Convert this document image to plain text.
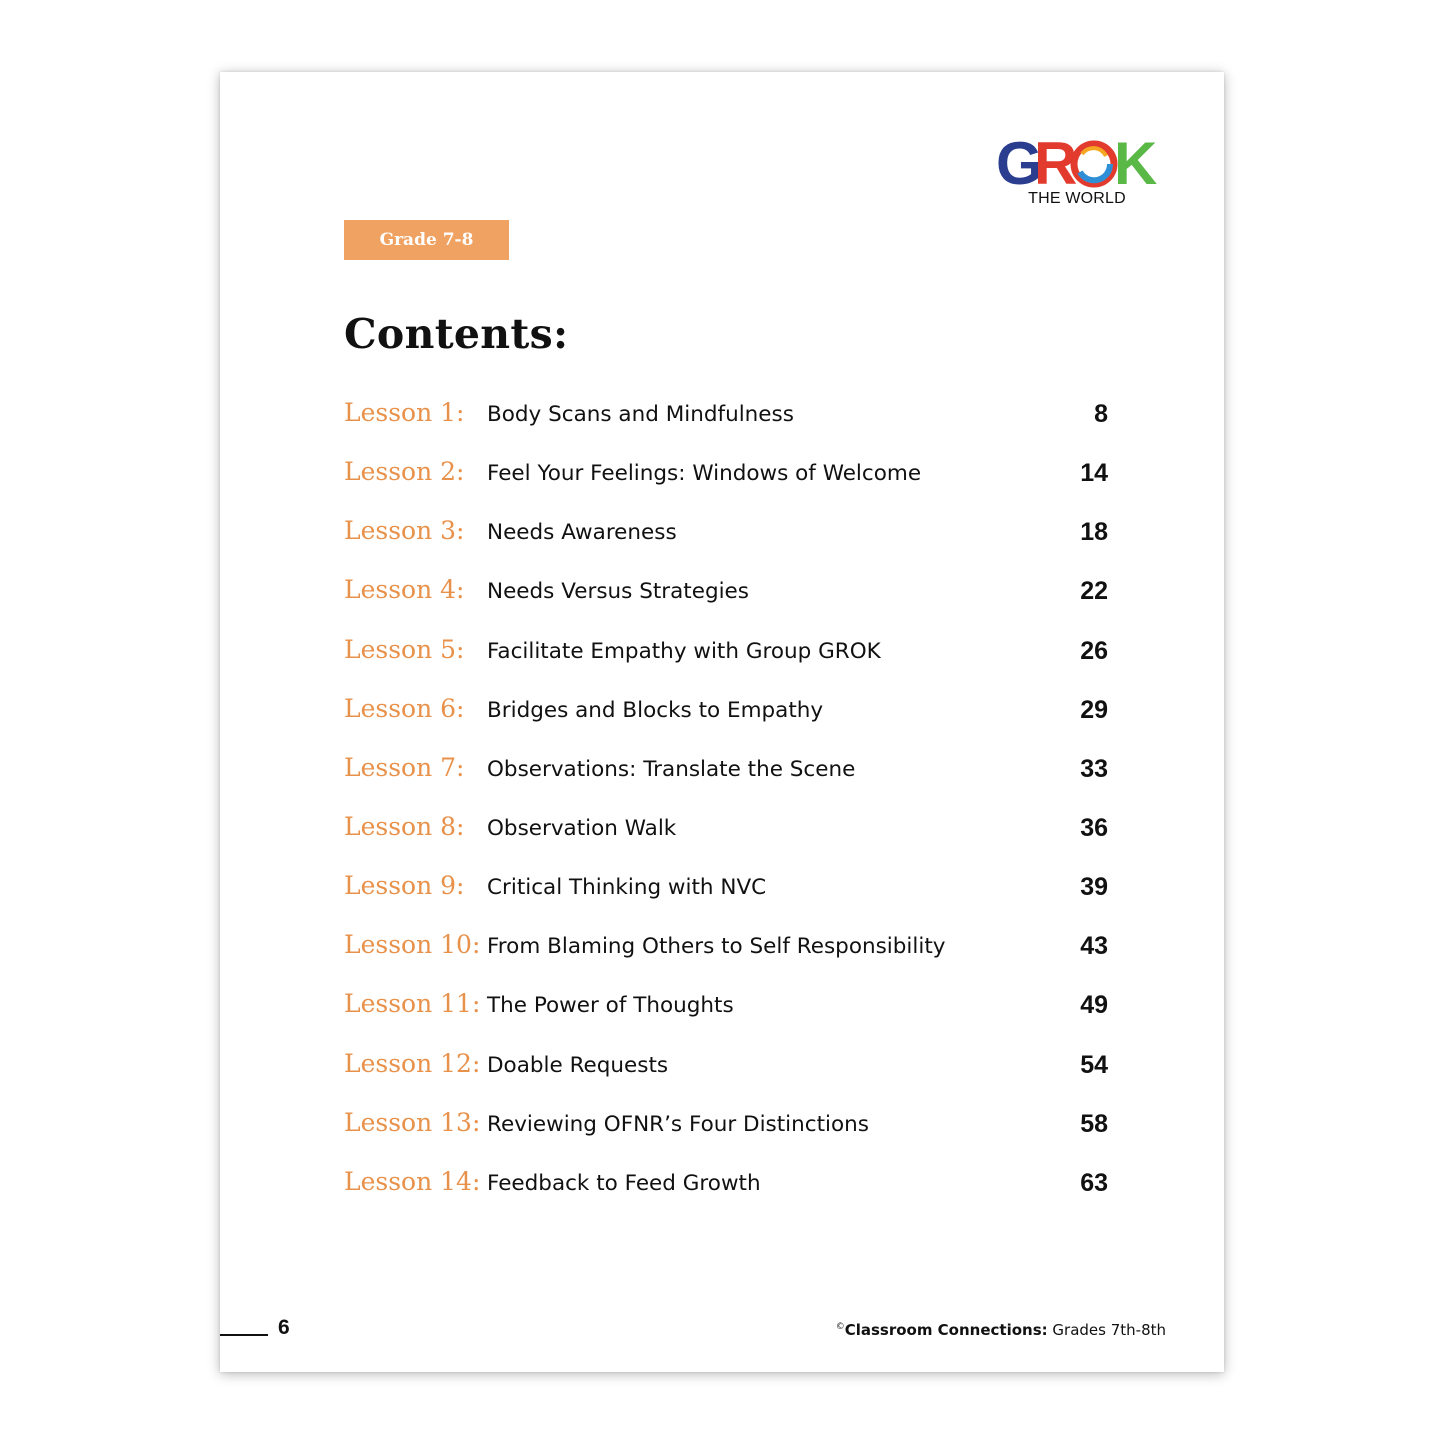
G
R K
THE WORLD
Grade 7-8
Contents:
Lesson 1: Body Scans and Mindfulness	8
Lesson 2: Feel Your Feelings: Windows of Welcome	14
Lesson 3: Needs Awareness	18
Lesson 4: Needs Versus Strategies	22
Lesson 5: Facilitate Empathy with Group GROK	26
Lesson 6: Bridges and Blocks to Empathy	29
Lesson 7: Observations: Translate the Scene	33
Lesson 8: Observation Walk	36
Lesson 9: Critical Thinking with NVC	39
Lesson 10: From Blaming Others to Self Responsibility	43
Lesson 11: The Power of Thoughts	49
Lesson 12: Doable Requests	54
Lesson 13: Reviewing OFNR’s Four Distinctions	58
Lesson 14: Feedback to Feed Growth	63
6	©Classroom Connections: Grades 7th-8th
